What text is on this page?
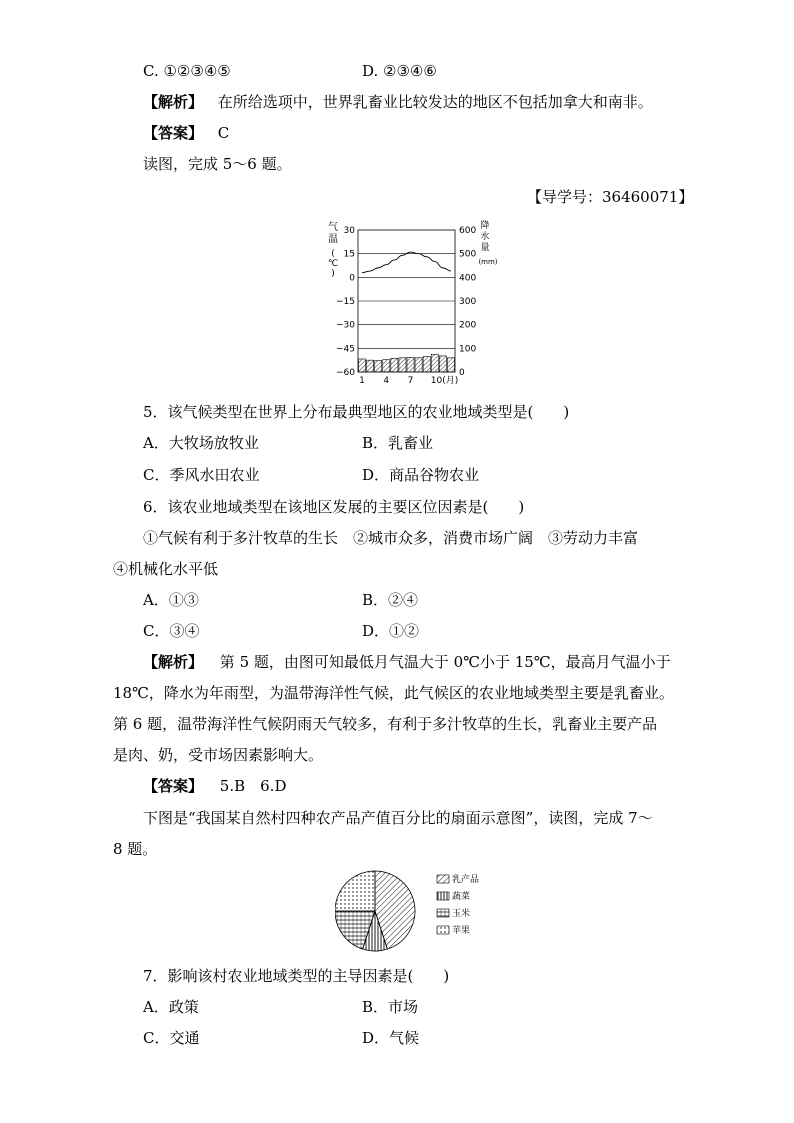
C. ①②③④⑤	D. ②③④⑥
【解析】 在所给选项中，世界乳畜业比较发达的地区不包括加拿大和南非。
【答案】 C
读图，完成 5～6 题。
【导学号：36460071】
气
温
(
℃
)
降
水
量
(mm)
30
15
0
−15
−30
−45
−60
600
500
400
300
200
100
0
1 4 7 10(月)
5．该气候类型在世界上分布最典型地区的农业地域类型是(　　)
A．大牧场放牧业	B．乳畜业
C．季风水田农业	D．商品谷物农业
6．该农业地域类型在该地区发展的主要区位因素是(　　)
①气候有利于多汁牧草的生长　②城市众多，消费市场广阔　③劳动力丰富
④机械化水平低
A．①③	B．②④
C．③④	D．①②
【解析】 第 5 题，由图可知最低月气温大于 0℃小于 15℃，最高月气温小于
18℃，降水为年雨型，为温带海洋性气候，此气候区的农业地域类型主要是乳畜业。
第 6 题，温带海洋性气候阴雨天气较多，有利于多汁牧草的生长，乳畜业主要产品
是肉、奶，受市场因素影响大。
【答案】 5.B　6.D
下图是“我国某自然村四种农产品产值百分比的扇面示意图”，读图，完成 7～
8 题。
乳产品
蔬菜
玉米
苹果
7．影响该村农业地域类型的主导因素是(　　)
A．政策	B．市场
C．交通	D．气候
